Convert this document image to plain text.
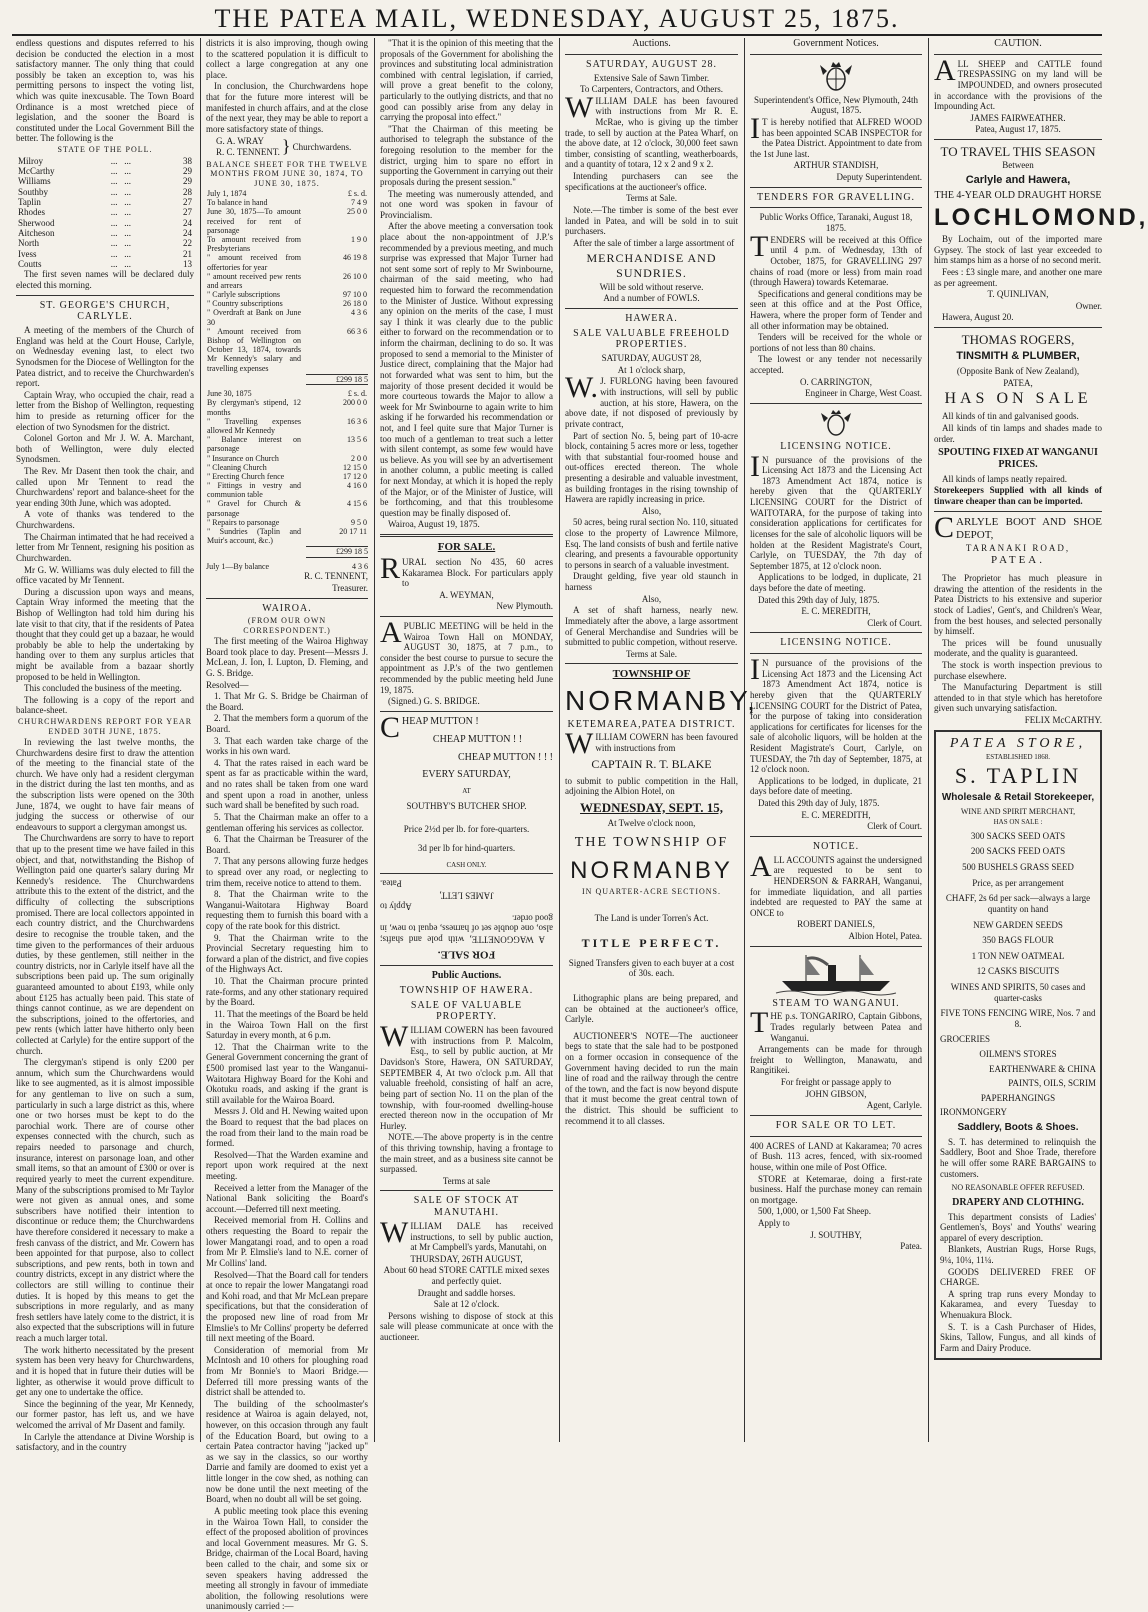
THE PATEA MAIL, WEDNESDAY, AUGUST 25, 1875.

endless questions and disputes referred to his decision be conducted the election in a most satisfactory manner. The only thing that could possibly be taken an exception to, was his permitting persons to inspect the voting list, which was quite inexcusable. The Town Board Ordinance is a most wretched piece of legislation, and the sooner the Board is constituted under the Local Government Bill the better. The following is the

STATE OF THE POLL.

Milroy	...   ...	38
McCarthy	...   ...	29
Williams	...   ...	29
Southby	...   ...	28
Taplin	...   ...	27
Rhodes	...   ...	27
Sherwood	...   ...	24
Aitcheson	...   ...	24
North	...   ...	22
Ivess	...   ...	21
Coutts	...   ...	13

The first seven names will be declared duly elected this morning.

ST. GEORGE'S CHURCH, CARLYLE.

A meeting of the members of the Church of England was held at the Court House, Carlyle, on Wednesday evening last, to elect two Synodsmen for the Diocese of Wellington for the Patea district, and to receive the Churchwarden's report.

Captain Wray, who occupied the chair, read a letter from the Bishop of Wellington, requesting him to preside as returning officer for the election of two Synodsmen for the district.

Colonel Gorton and Mr J. W. A. Marchant, both of Wellington, were duly elected Synodsmen.

The Rev. Mr Dasent then took the chair, and called upon Mr Tennent to read the Churchwardens' report and balance-sheet for the year ending 30th June, which was adopted.

A vote of thanks was tendered to the Churchwardens.

The Chairman intimated that he had received a letter from Mr Tennent, resigning his position as Churchwarden.

Mr G. W. Williams was duly elected to fill the office vacated by Mr Tennent.

During a discussion upon ways and means, Captain Wray informed the meeting that the Bishop of Wellington had told him during his late visit to that city, that if the residents of Patea thought that they could get up a bazaar, he would probably be able to help the undertaking by handing over to them any surplus articles that might be available from a bazaar shortly proposed to be held in Wellington.

This concluded the business of the meeting.

The following is a copy of the report and balance-sheet.

CHURCHWARDENS REPORT FOR YEAR ENDED 30TH JUNE, 1875.

In reviewing the last twelve months, the Churchwardens desire first to draw the attention of the meeting to the financial state of the church. We have only had a resident clergyman in the district during the last ten months, and as the subscription lists were opened on the 30th June, 1874, we ought to have fair means of judging the success or otherwise of our endeavours to support a clergyman amongst us.

The Churchwardens are sorry to have to report that up to the present time we have failed in this object, and that, notwithstanding the Bishop of Wellington paid one quarter's salary during Mr Kennedy's residence. The Churchwardens attribute this to the extent of the district, and the difficulty of collecting the subscriptions promised. There are local collectors appointed in each country district, and the Churchwardens desire to recognise the trouble taken, and the time given to the performances of their arduous duties, by these gentlemen, still neither in the country districts, nor in Carlyle itself have all the subscriptions been paid up. The sum originally guaranteed amounted to about £193, while only about £125 has actually been paid. This state of things cannot continue, as we are dependent on the subscriptions, joined to the offertories, and pew rents (which latter have hitherto only been collected at Carlyle) for the entire support of the church.

The clergyman's stipend is only £200 per annum, which sum the Churchwardens would like to see augmented, as it is almost impossible for any gentleman to live on such a sum, particularly in such a large district as this, where one or two horses must be kept to do the parochial work. There are of course other expenses connected with the church, such as repairs needed to parsonage and church, insurance, interest on parsonage loan, and other small items, so that an amount of £300 or over is required yearly to meet the current expenditure. Many of the subscriptions promised to Mr Taylor were not given as annual ones, and some subscribers have notified their intention to discontinue or reduce them; the Churchwardens have therefore considered it necessary to make a fresh canvass of the district, and Mr. Cowern has been appointed for that purpose, also to collect subscriptions, and pew rents, both in town and country districts, except in any district where the collectors are still willing to continue their duties. It is hoped by this means to get the subscriptions in more regularly, and as many fresh settlers have lately come to the district, it is also expected that the subscriptions will in future reach a much larger total.

The work hitherto necessitated by the present system has been very heavy for Churchwardens, and it is hoped that in future their duties will be lighter, as otherwise it would prove difficult to get any one to undertake the office.

Since the beginning of the year, Mr Kennedy, our former pastor, has left us, and we have welcomed the arrival of Mr Dasent and family.

In Carlyle the attendance at Divine Worship is satisfactory, and in the country

districts it is also improving, though owing to the scattered population it is difficult to collect a large congregation at any one place.

In conclusion, the Churchwardens hope that for the future more interest will be manifested in church affairs, and at the close of the next year, they may be able to report a more satisfactory state of things.

G. A. WRAY
R. C. TENNENT. } Churchwardens.

BALANCE SHEET FOR THE TWELVE MONTHS FROM JUNE 30, 1874, TO JUNE 30, 1875.

July 1, 1874	£ s. d.
To balance in hand	7 4 9
June 30, 1875—To amount received for rent of parsonage	25 0 0
To amount received from Presbyterians	1 9 0
" amount received from offertories for year	46 19 8
" amount received pew rents and arrears	26 10 0
" Carlyle subscriptions	97 10 0
" Country subscriptions	26 18 0
" Overdraft at Bank on June 30	4 3 6
" Amount received from Bishop of Wellington on October 13, 1874, towards Mr Kennedy's salary and travelling expenses	66 3 6
£299 18 5
June 30, 1875	£ s. d.
By clergyman's stipend, 12 months	200 0 0
" Travelling expenses allowed Mr Kennedy	16 3 6
" Balance interest on parsonage	13 5 6
" Insurance on Church	2 0 0
" Cleaning Church	12 15 0
" Erecting Church fence	17 12 0
" Fittings in vestry and communion table	4 16 0
" Gravel for Church & parsonage	4 15 6
" Repairs to parsonage	9 5 0
" Sundries (Taplin and Muir's account, &c.)	20 17 11
£299 18 5
July 1—By balance	4 3 6

R. C. TENNENT,

Treasurer.

WAIROA.

(FROM OUR OWN CORRESPONDENT.)

The first meeting of the Wairoa Highway Board took place to day. Present—Messrs J. McLean, J. Ion, I. Lupton, D. Fleming, and G. S. Bridge.

Resolved—

1. That Mr G. S. Bridge be Chairman of the Board.

2. That the members form a quorum of the Board.

3. That each warden take charge of the works in his own ward.

4. That the rates raised in each ward be spent as far as practicable within the ward, and no rates shall be taken from one ward and spent upon a road in another, unless such ward shall be benefited by such road.

5. That the Chairman make an offer to a gentleman offering his services as collector.

6. That the Chairman be Treasurer of the Board.

7. That any persons allowing furze hedges to spread over any road, or neglecting to trim them, receive notice to attend to them.

8. That the Chairman write to the Wanganui-Waitotara Highway Board requesting them to furnish this board with a copy of the rate book for this district.

9. That the Chairman write to the Provincial Secretary requesting him to forward a plan of the district, and five copies of the Highways Act.

10. That the Chairman procure printed rate-forms, and any other stationary required by the Board.

11. That the meetings of the Board be held in the Wairoa Town Hall on the first Saturday in every month, at 6 p.m.

12. That the Chairman write to the General Government concerning the grant of £500 promised last year to the Wanganui-Waitotara Highway Board for the Kohi and Okotuku roads, and asking if the grant is still available for the Wairoa Board.

Messrs J. Old and H. Newing waited upon the Board to request that the bad places on the road from their land to the main road be formed.

Resolved—That the Warden examine and report upon work required at the next meeting.

Received a letter from the Manager of the National Bank soliciting the Board's account.—Deferred till next meeting.

Received memorial from H. Collins and others requesting the Board to repair the lower Mangatangi road, and to open a road from Mr P. Elmslie's land to N.E. corner of Mr Collins' land.

Resolved—That the Board call for tenders at once to repair the lower Mangatangi road and Kohi road, and that Mr McLean prepare specifications, but that the consideration of the proposed new line of road from Mr Elmslie's to Mr Collins' property be deferred till next meeting of the Board.

Consideration of memorial from Mr McIntosh and 10 others for ploughing road from Mr Bonnie's to Maori Bridge.—Deferred till more pressing wants of the district shall be attended to.

The building of the schoolmaster's residence at Wairoa is again delayed, not, however, on this occasion through any fault of the Education Board, but owing to a certain Patea contractor having "jacked up" as we say in the classics, so our worthy Darrie and family are doomed to exist yet a little longer in the cow shed, as nothing can now be done until the next meeting of the Board, when no doubt all will be set going.

A public meeting took place this evening in the Wairoa Town Hall, to consider the effect of the proposed abolition of provinces and local Government measures. Mr G. S. Bridge, chairman of the Local Board, having been called to the chair, and some six or seven speakers having addressed the meeting all strongly in favour of immediate abolition, the following resolutions were unanimously carried :—

"That it is the opinion of this meeting that the proposals of the Government for abolishing the provinces and substituting local administration combined with central legislation, if carried, will prove a great benefit to the colony, particularly to the outlying districts, and that no good can possibly arise from any delay in carrying the proposal into effect."

"That the Chairman of this meeting be authorised to telegraph the substance of the foregoing resolution to the member for the district, urging him to spare no effort in supporting the Government in carrying out their proposals during the present session."

The meeting was numerously attended, and not one word was spoken in favour of Provincialism.

After the above meeting a conversation took place about the non-appointment of J.P.'s recommended by a previous meeting, and much surprise was expressed that Major Turner had not sent some sort of reply to Mr Swinbourne, chairman of the said meeting, who had requested him to forward the recommendation to the Minister of Justice. Without expressing any opinion on the merits of the case, I must say I think it was clearly due to the public either to forward on the recommendation or to inform the chairman, declining to do so. It was proposed to send a memorial to the Minister of Justice direct, complaining that the Major had not forwarded what was sent to him, but the majority of those present decided it would be more courteous towards the Major to allow a week for Mr Swinbourne to again write to him asking if he forwarded his recommendation or not, and I feel quite sure that Major Turner is too much of a gentleman to treat such a letter with silent contempt, as some few would have us believe. As you will see by an advertisement in another column, a public meeting is called for next Monday, at which it is hoped the reply of the Major, or of the Minister of Justice, will be forthcoming, and that this troublesome question may be finally disposed of.

Wairoa, August 19, 1875.

FOR SALE.

RURAL section No 435, 60 acres Kakaramea Block. For particulars apply to

A. WEYMAN,

New Plymouth.

APUBLIC MEETING will be held in the Wairoa Town Hall on MONDAY, AUGUST 30, 1875, at 7 p.m., to consider the best course to pursue to secure the appointment as J.P.'s of the two gentlemen recommended by the public meeting held June 19, 1875.

(Signed.) G. S. BRIDGE.

CHEAP MUTTON !

CHEAP MUTTON ! !

CHEAP MUTTON ! ! !

EVERY SATURDAY,

AT

SOUTHBY'S BUTCHER SHOP.

Price 2½d per lb. for fore-quarters.

3d per lb for hind-quarters.

CASH ONLY.

FOR SALE.

A WAGGONETTE, with pole and shafts; also, one double set of harness, equal to new, in good order.

Apply to

JAMES LETT,

Patea.

Public Auctions.

TOWNSHIP OF HAWERA.

SALE OF VALUABLE PROPERTY.

WILLIAM COWERN has been favoured with instructions from P. Malcolm, Esq., to sell by public auction, at Mr Davidson's Store, Hawera, ON SATURDAY, SEPTEMBER 4, At two o'clock p.m. All that valuable freehold, consisting of half an acre, being part of section No. 11 on the plan of the township, with four-roomed dwelling-house erected thereon now in the occupation of Mr Hurley.

NOTE.—The above property is in the centre of this thriving township, having a frontage to the main street, and as a business site cannot be surpassed.

Terms at sale

SALE OF STOCK AT MANUTAHI.

WILLIAM DALE has received instructions, to sell by public auction, at Mr Campbell's yards, Manutahi, on

THURSDAY, 26TH AUGUST,

About 60 head STORE CATTLE mixed sexes and perfectly quiet.

Draught and saddle horses.

Sale at 12 o'clock.

Persons wishing to dispose of stock at this sale will please communicate at once with the auctioneer.

Auctions.

SATURDAY, AUGUST 28.

Extensive Sale of Sawn Timber.

To Carpenters, Contractors, and Others.

WILLIAM DALE has been favoured with instructions from Mr R. E. McRae, who is giving up the timber trade, to sell by auction at the Patea Wharf, on the above date, at 12 o'clock, 30,000 feet sawn timber, consisting of scantling, weatherboards, and a quantity of totara, 12 x 2 and 9 x 2.

Intending purchasers can see the specifications at the auctioneer's office.

Terms at Sale.

Note.—The timber is some of the best ever landed in Patea, and will be sold in to suit purchasers.

After the sale of timber a large assortment of

MERCHANDISE AND SUNDRIES.

Will be sold without reserve.

And a number of FOWLS.

HAWERA.

SALE VALUABLE FREEHOLD PROPERTIES.

SATURDAY, AUGUST 28,

At 1 o'clock sharp,

W.J. FURLONG having been favoured with instructions, will sell by public auction, at his store, Hawera, on the above date, if not disposed of previously by private contract,

Part of section No. 5, being part of 10-acre block, containing 5 acres more or less, together with that substantial four-roomed house and out-offices erected thereon. The whole presenting a desirable and valuable investment, as building frontages in the rising township of Hawera are rapidly increasing in price.

Also,

50 acres, being rural section No. 110, situated close to the property of Lawrence Milmore, Esq. The land consists of bush and fertile native clearing, and presents a favourable opportunity to persons in search of a valuable investment.

Draught gelding, five year old staunch in harness

Also,

A set of shaft harness, nearly new. Immediately after the above, a large assortment of General Merchandise and Sundries will be submitted to public competion, without reserve.

Terms at Sale.

TOWNSHIP OF

NORMANBY,

KETEMAREA,PATEA DISTRICT.

WILLIAM COWERN has been favoured with instructions from

CAPTAIN R. T. BLAKE

to submit to public competition in the Hall, adjoining the Albion Hotel, on

WEDNESDAY, SEPT. 15,

At Twelve o'clock noon,

THE TOWNSHIP OF

NORMANBY

IN QUARTER-ACRE SECTIONS.

The Land is under Torren's Act.

TITLE PERFECT.

Signed Transfers given to each buyer at a cost of 30s. each.

Lithographic plans are being prepared, and can be obtained at the auctioneer's office, Carlyle.

AUCTIONEER'S NOTE—The auctioneer begs to state that the sale had to be postponed on a former occasion in consequence of the Government having decided to run the main line of road and the railway through the centre of the town, and the fact is now beyond dispute that it must become the great central town of the district. This should be sufficient to recommend it to all classes.

Government Notices.

Superintendent's Office, New Plymouth, 24th August, 1875.

IT is hereby notified that ALFRED WOOD has been appointed SCAB INSPECTOR for the Patea District. Appointment to date from the 1st June last.

ARTHUR STANDISH,

Deputy Superintendent.

TENDERS FOR GRAVELLING.

Public Works Office, Taranaki, August 18, 1875.

TENDERS will be received at this Office until 4 p.m. of Wednesday, 13th of October, 1875, for GRAVELLING 297 chains of road (more or less) from main road (through Hawera) towards Ketemarae.

Specifications and general conditions may be seen at this office and at the Post Office, Hawera, where the proper form of Tender and all other information may be obtained.

Tenders will be received for the whole or portions of not less than 80 chains.

The lowest or any tender not necessarily accepted.

O. CARRINGTON,

Engineer in Charge, West Coast.

LICENSING NOTICE.

IN pursuance of the provisions of the Licensing Act 1873 and the Licensing Act 1873 Amendment Act 1874, notice is hereby given that the QUARTERLY LICENSING COURT for the District of WAITOTARA, for the purpose of taking into consideration applications for certificates for licenses for the sale of alcoholic liquors will be holden at the Resident Magistrate's Court, Carlyle, on TUESDAY, the 7th day of September 1875, at 12 o'clock noon.

Applications to be lodged, in duplicate, 21 days before the date of meeting.

Dated this 29th day of July, 1875.

E. C. MEREDITH,

Clerk of Court.

LICENSING NOTICE.

IN pursuance of the provisions of the Licensing Act 1873 and the Licensing Act 1873 Amendment Act 1874, notice is hereby given that the QUARTERLY LICENSING COURT for the District of Patea, for the purpose of taking into consideration applications for certificates for licenses for the sale of alcoholic liquors, will be holden at the Resident Magistrate's Court, Carlyle, on TUESDAY, the 7th day of September, 1875, at 12 o'clock noon.

Applications to be lodged, in duplicate, 21 days before date of meeting.

Dated this 29th day of July, 1875.

E. C. MEREDITH,

Clerk of Court.

NOTICE.

ALL ACCOUNTS against the undersigned are requested to be sent to HENDERSON & FARRAH, Wanganui, for immediate liquidation, and all parties indebted are requested to PAY the same at ONCE to

ROBERT DANIELS,

Albion Hotel, Patea.

STEAM TO WANGANUI.

THE p.s. TONGARIRO, Captain Gibbons, Trades regularly between Patea and Wanganui.

Arrangements can be made for through freight to Wellington, Manawatu, and Rangitikei.

For freight or passage apply to

JOHN GIBSON,

Agent, Carlyle.

FOR SALE OR TO LET.

400 ACRES of LAND at Kakaramea; 70 acres of Bush. 113 acres, fenced, with six-roomed house, within one mile of Post Office.

STORE at Ketemarae, doing a first-rate business. Half the purchase money can remain on mortgage.

500, 1,000, or 1,500 Fat Sheep.

Apply to

J. SOUTHBY,

Patea.

CAUTION.

ALL SHEEP and CATTLE found TRESPASSING on my land will be IMPOUNDED, and owners prosecuted in accordance with the provisions of the Impounding Act.

JAMES FAIRWEATHER.

Patea, August 17, 1875.

TO TRAVEL THIS SEASON

Between

Carlyle and Hawera,

THE 4-YEAR OLD DRAUGHT HORSE

LOCHLOMOND,

By Lochaim, out of the imported mare Gypsey. The stock of last year exceeded to him stamps him as a horse of no second merit.

Fees : £3 single mare, and another one mare as per agreement.

T. QUINLIVAN,

Owner.

Hawera, August 20.

THOMAS ROGERS,

TINSMITH & PLUMBER,

(Opposite Bank of New Zealand),

PATEA,

HAS ON SALE

All kinds of tin and galvanised goods.

All kinds of tin lamps and shades made to order.

SPOUTING FIXED AT WANGANUI PRICES.

All kinds of lamps neatly repaired.

Storekeepers Supplied with all kinds of tinware cheaper than can be imported.

CARLYLE BOOT AND SHOE DEPOT,

TARANAKI ROAD,

PATEA.

The Proprietor has much pleasure in drawing the attention of the residents in the Patea Districts to his extensive and superior stock of Ladies', Gent's, and Children's Wear, from the best houses, and selected personally by himself.

The prices will be found unusually moderate, and the quality is guaranteed.

The stock is worth inspection previous to purchase elsewhere.

The Manufacturing Department is still attended to in that style which has heretofore given such unvarying satisfaction.

FELIX McCARTHY.

PATEA STORE,

ESTABLISHED 1868.

S. TAPLIN

Wholesale & Retail Storekeeper,

WINE AND SPIRIT MERCHANT,

HAS ON SALE :

300 SACKS SEED OATS

200 SACKS FEED OATS

500 BUSHELS GRASS SEED

Price, as per arrangement

CHAFF, 2s 6d per sack—always a large quantity on hand

NEW GARDEN SEEDS

350 BAGS FLOUR

1 TON NEW OATMEAL

12 CASKS BISCUITS

WINES AND SPIRITS, 50 cases and quarter-casks

FIVE TONS FENCING WIRE, Nos. 7 and 8.

GROCERIES

OILMEN'S STORES

EARTHENWARE & CHINA

PAINTS, OILS, SCRIM

PAPERHANGINGS

IRONMONGERY

Saddlery, Boots & Shoes.

S. T. has determined to relinquish the Saddlery, Boot and Shoe Trade, therefore he will offer some RARE BARGAINS to customers.

NO REASONABLE OFFER REFUSED.

DRAPERY AND CLOTHING.

This department consists of Ladies' Gentlemen's, Boys' and Youths' wearing apparel of every description.

Blankets, Austrian Rugs, Horse Rugs, 9¼, 10¼, 11¼.

GOODS DELIVERED FREE OF CHARGE.

A spring trap runs every Monday to Kakaramea, and every Tuesday to Whenuakura Block.

S. T. is a Cash Purchaser of Hides, Skins, Tallow, Fungus, and all kinds of Farm and Dairy Produce.
